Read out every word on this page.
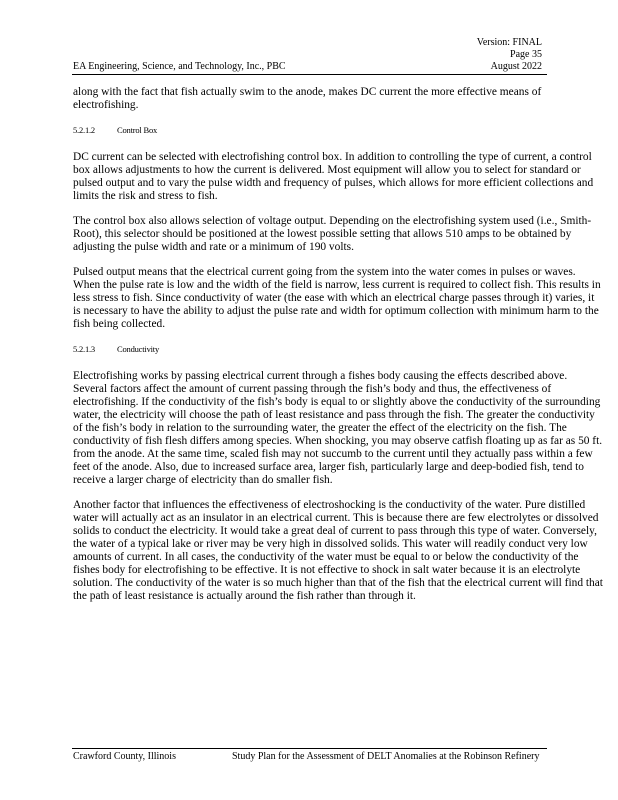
Version: FINAL
Page 35
August 2022
EA Engineering, Science, and Technology, Inc., PBC

along with the fact that fish actually swim to the anode, makes DC current the more effective means of electrofishing.

5.2.1.2	Control Box

DC current can be selected with electrofishing control box. In addition to controlling the type of current, a control box allows adjustments to how the current is delivered. Most equipment will allow you to select for standard or pulsed output and to vary the pulse width and frequency of pulses, which allows for more efficient collections and limits the risk and stress to fish.

The control box also allows selection of voltage output. Depending on the electrofishing system used (i.e., Smith-Root), this selector should be positioned at the lowest possible setting that allows 510 amps to be obtained by adjusting the pulse width and rate or a minimum of 190 volts.

Pulsed output means that the electrical current going from the system into the water comes in pulses or waves. When the pulse rate is low and the width of the field is narrow, less current is required to collect fish. This results in less stress to fish. Since conductivity of water (the ease with which an electrical charge passes through it) varies, it is necessary to have the ability to adjust the pulse rate and width for optimum collection with minimum harm to the fish being collected.

5.2.1.3	Conductivity

Electrofishing works by passing electrical current through a fishes body causing the effects described above. Several factors affect the amount of current passing through the fish’s body and thus, the effectiveness of electrofishing. If the conductivity of the fish’s body is equal to or slightly above the conductivity of the surrounding water, the electricity will choose the path of least resistance and pass through the fish. The greater the conductivity of the fish’s body in relation to the surrounding water, the greater the effect of the electricity on the fish. The conductivity of fish flesh differs among species. When shocking, you may observe catfish floating up as far as 50 ft. from the anode. At the same time, scaled fish may not succumb to the current until they actually pass within a few feet of the anode. Also, due to increased surface area, larger fish, particularly large and deep-bodied fish, tend to receive a larger charge of electricity than do smaller fish.

Another factor that influences the effectiveness of electroshocking is the conductivity of the water. Pure distilled water will actually act as an insulator in an electrical current. This is because there are few electrolytes or dissolved solids to conduct the electricity. It would take a great deal of current to pass through this type of water. Conversely, the water of a typical lake or river may be very high in dissolved solids. This water will readily conduct very low amounts of current. In all cases, the conductivity of the water must be equal to or below the conductivity of the fishes body for electrofishing to be effective. It is not effective to shock in salt water because it is an electrolyte solution. The conductivity of the water is so much higher than that of the fish that the electrical current will find that the path of least resistance is actually around the fish rather than through it.

Crawford County, Illinois	Study Plan for the Assessment of DELT Anomalies at the Robinson Refinery
